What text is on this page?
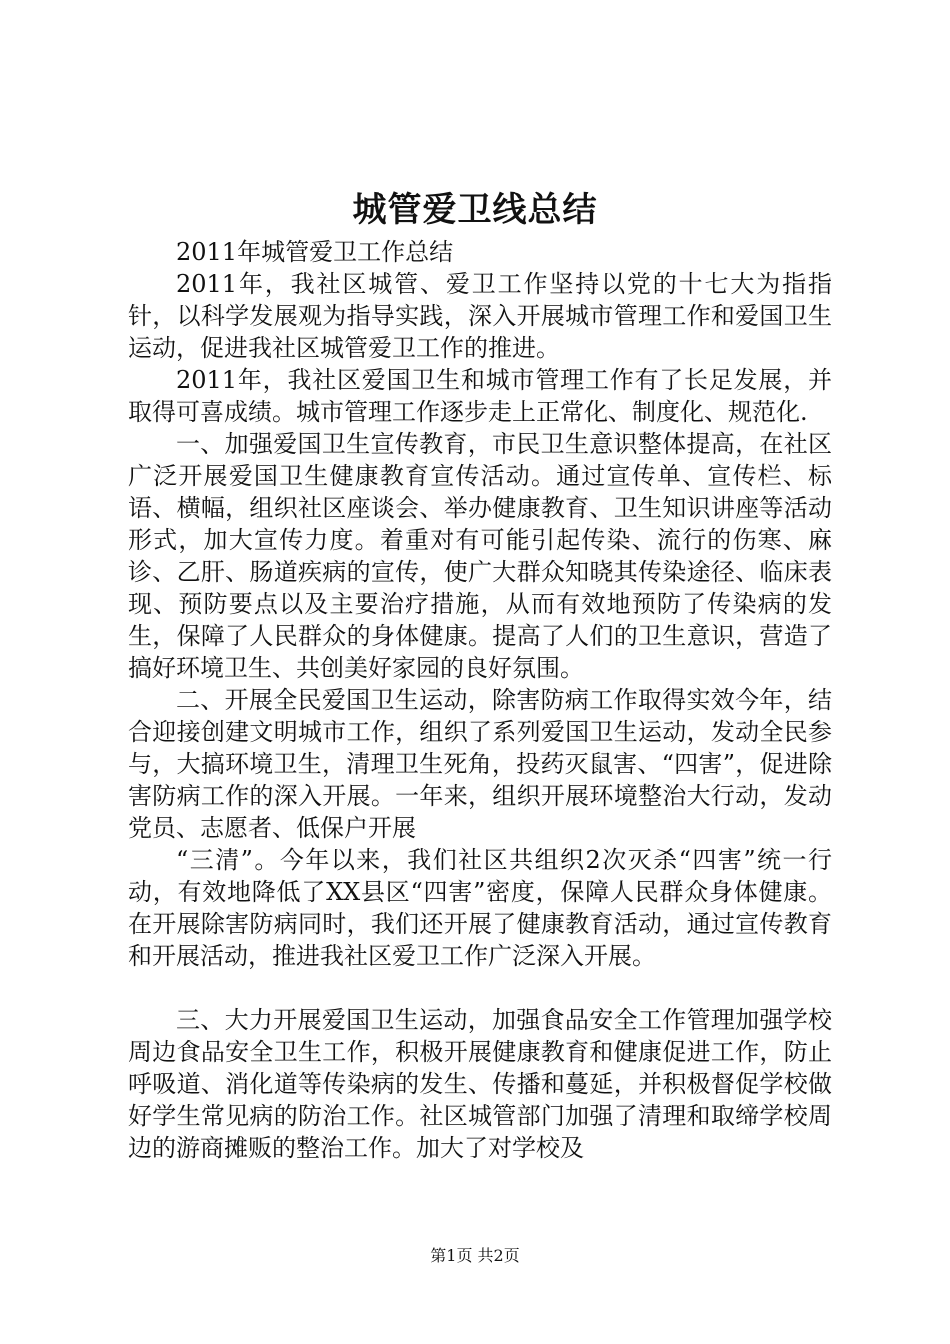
城管爱卫线总结

2011年城管爱卫工作总结

2011年，我社区城管、爱卫工作坚持以党的十七大为指指针，以科学发展观为指导实践，深入开展城市管理工作和爱国卫生运动，促进我社区城管爱卫工作的推进。

2011年，我社区爱国卫生和城市管理工作有了长足发展，并取得可喜成绩。城市管理工作逐步走上正常化、制度化、规范化.

一、加强爱国卫生宣传教育，市民卫生意识整体提高，在社区广泛开展爱国卫生健康教育宣传活动。通过宣传单、宣传栏、标语、横幅，组织社区座谈会、举办健康教育、卫生知识讲座等活动形式，加大宣传力度。着重对有可能引起传染、流行的伤寒、麻诊、乙肝、肠道疾病的宣传，使广大群众知晓其传染途径、临床表现、预防要点以及主要治疗措施，从而有效地预防了传染病的发生，保障了人民群众的身体健康。提高了人们的卫生意识，营造了搞好环境卫生、共创美好家园的良好氛围。

二、开展全民爱国卫生运动，除害防病工作取得实效今年，结合迎接创建文明城市工作，组织了系列爱国卫生运动，发动全民参与，大搞环境卫生，清理卫生死角，投药灭鼠害、“四害”，促进除害防病工作的深入开展。一年来，组织开展环境整治大行动，发动党员、志愿者、低保户开展

“三清”。今年以来，我们社区共组织2次灭杀“四害”统一行动，有效地降低了XX县区“四害”密度，保障人民群众身体健康。在开展除害防病同时，我们还开展了健康教育活动，通过宣传教育和开展活动，推进我社区爱卫工作广泛深入开展。

三、大力开展爱国卫生运动，加强食品安全工作管理加强学校周边食品安全卫生工作，积极开展健康教育和健康促进工作，防止呼吸道、消化道等传染病的发生、传播和蔓延，并积极督促学校做好学生常见病的防治工作。社区城管部门加强了清理和取缔学校周边的游商摊贩的整治工作。加大了对学校及

第1页 共2页
